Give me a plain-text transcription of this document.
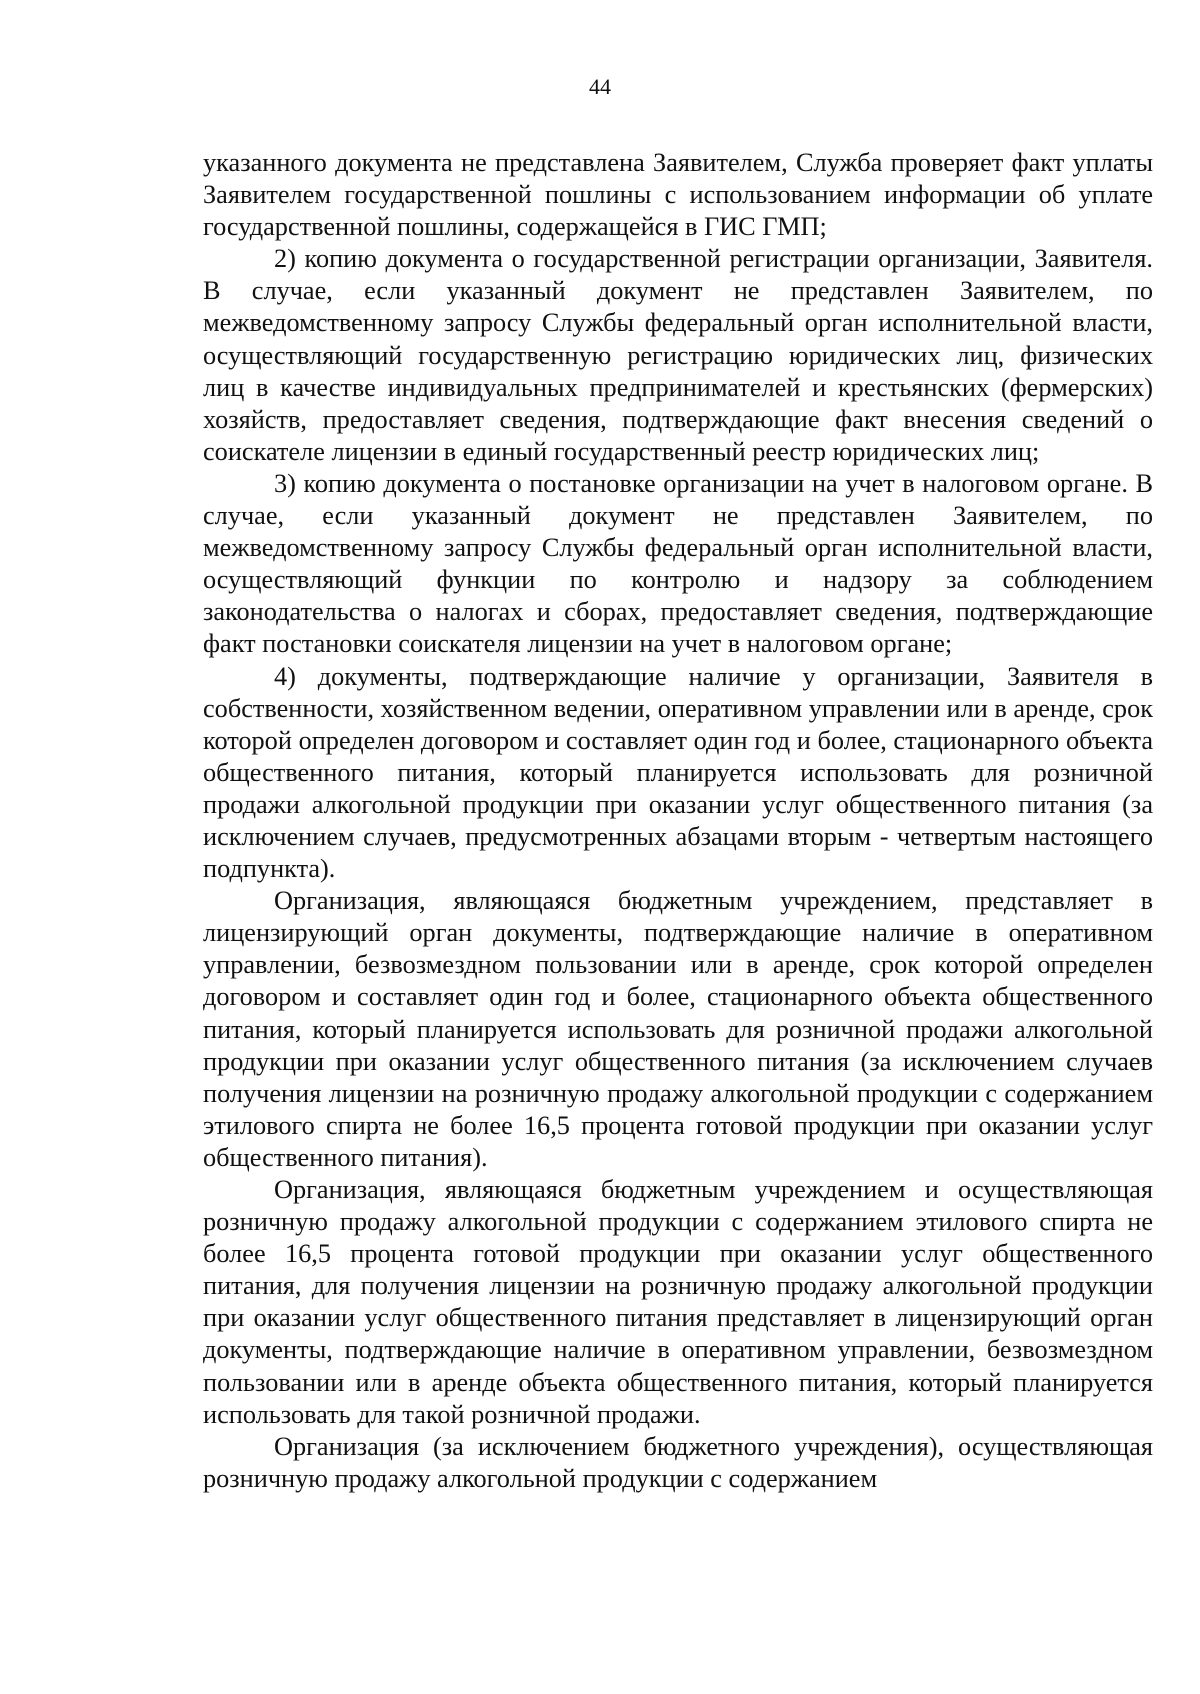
44

указанного документа не представлена Заявителем, Служба проверяет факт уплаты Заявителем государственной пошлины с использованием информации об уплате государственной пошлины, содержащейся в ГИС ГМП;

2) копию документа о государственной регистрации организации, Заявителя. В случае, если указанный документ не представлен Заявителем, по межведомственному запросу Службы федеральный орган исполнительной власти, осуществляющий государственную регистрацию юридических лиц, физических лиц в качестве индивидуальных предпринимателей и крестьянских (фермерских) хозяйств, предоставляет сведения, подтверждающие факт внесения сведений о соискателе лицензии в единый государственный реестр юридических лиц;

3) копию документа о постановке организации на учет в налоговом органе. В случае, если указанный документ не представлен Заявителем, по межведомственному запросу Службы федеральный орган исполнительной власти, осуществляющий функции по контролю и надзору за соблюдением законодательства о налогах и сборах, предоставляет сведения, подтверждающие факт постановки соискателя лицензии на учет в налоговом органе;

4) документы, подтверждающие наличие у организации, Заявителя в собственности, хозяйственном ведении, оперативном управлении или в аренде, срок которой определен договором и составляет один год и более, стационарного объекта общественного питания, который планируется использовать для розничной продажи алкогольной продукции при оказании услуг общественного питания (за исключением случаев, предусмотренных абзацами вторым - четвертым настоящего подпункта).

Организация, являющаяся бюджетным учреждением, представляет в лицензирующий орган документы, подтверждающие наличие в оперативном управлении, безвозмездном пользовании или в аренде, срок которой определен договором и составляет один год и более, стационарного объекта общественного питания, который планируется использовать для розничной продажи алкогольной продукции при оказании услуг общественного питания (за исключением случаев получения лицензии на розничную продажу алкогольной продукции с содержанием этилового спирта не более 16,5 процента готовой продукции при оказании услуг общественного питания).

Организация, являющаяся бюджетным учреждением и осуществляющая розничную продажу алкогольной продукции с содержанием этилового спирта не более 16,5 процента готовой продукции при оказании услуг общественного питания, для получения лицензии на розничную продажу алкогольной продукции при оказании услуг общественного питания представляет в лицензирующий орган документы, подтверждающие наличие в оперативном управлении, безвозмездном пользовании или в аренде объекта общественного питания, который планируется использовать для такой розничной продажи.

Организация (за исключением бюджетного учреждения), осуществляющая розничную продажу алкогольной продукции с содержанием
